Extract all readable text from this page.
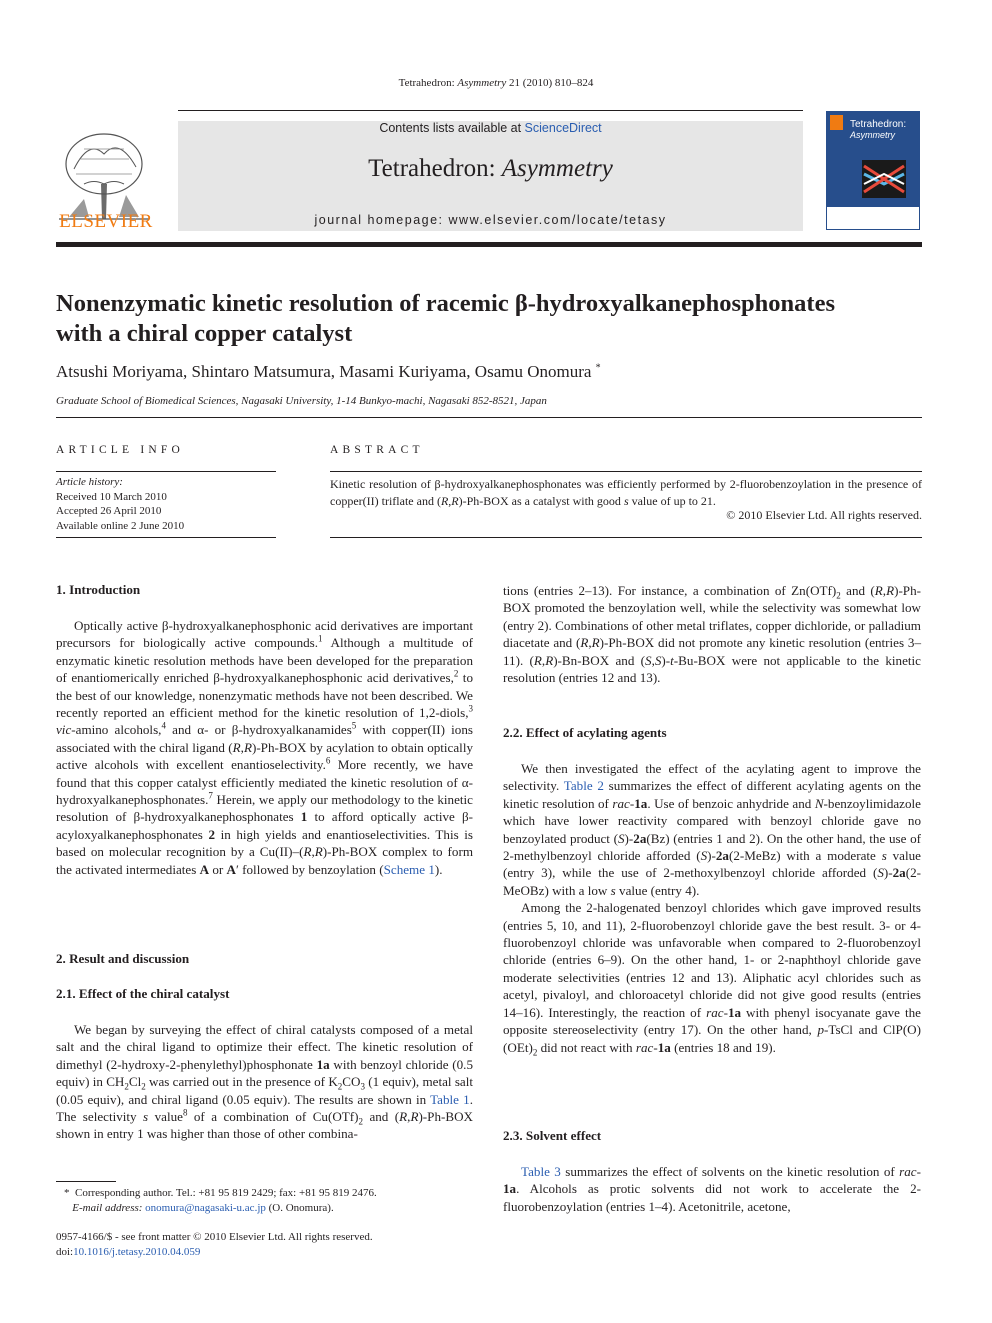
Tetrahedron: Asymmetry 21 (2010) 810–824
Contents lists available at ScienceDirect
Tetrahedron: Asymmetry
journal homepage: www.elsevier.com/locate/tetasy
ELSEVIER
Tetrahedron:
Asymmetry
Nonenzymatic kinetic resolution of racemic β-hydroxyalkanephosphonates
with a chiral copper catalyst
Atsushi Moriyama, Shintaro Matsumura, Masami Kuriyama, Osamu Onomura *
Graduate School of Biomedical Sciences, Nagasaki University, 1-14 Bunkyo-machi, Nagasaki 852-8521, Japan
ARTICLE INFO	ABSTRACT
Article history:
Received 10 March 2010
Accepted 26 April 2010
Available online 2 June 2010
Kinetic resolution of β-hydroxyalkanephosphonates was efficiently performed by 2-fluorobenzoylation in the presence of copper(II) triflate and (R,R)-Ph-BOX as a catalyst with good s value of up to 21.
© 2010 Elsevier Ltd. All rights reserved.
1. Introduction

Optically active β-hydroxyalkanephosphonic acid derivatives are important precursors for biologically active compounds.$^1$ Although a multitude of enzymatic kinetic resolution methods have been developed for the preparation of enantiomerically enriched β-hydroxyalkanephosphonic acid derivatives,$^2$ to the best of our knowledge, nonenzymatic methods have not been described. We recently reported an efficient method for the kinetic resolution of 1,2-diols,$^3$ vic-amino alcohols,$^4$ and α- or β-hydroxyalkanamides$^5$ with copper(II) ions associated with the chiral ligand (R,R)-Ph-BOX by acylation to obtain optically active alcohols with excellent enantioselectivity.$^6$ More recently, we have found that this copper catalyst efficiently mediated the kinetic resolution of α-hydroxyalkanephosphonates.$^7$ Herein, we apply our methodology to the kinetic resolution of β-hydroxyalkanephosphonates 1 to afford optically active β-acyloxyalkanephosphonates 2 in high yields and enantioselectivities. This is based on molecular recognition by a Cu(II)–(R,R)-Ph-BOX complex to form the activated intermediates A or A′ followed by benzoylation (Scheme 1).

2. Result and discussion
2.1. Effect of the chiral catalyst

We began by surveying the effect of chiral catalysts composed of a metal salt and the chiral ligand to optimize their effect. The kinetic resolution of dimethyl (2-hydroxy-2-phenylethyl)phosphonate 1a with benzoyl chloride (0.5 equiv) in $CH_2Cl_2$ was carried out in the presence of $K_2CO_3$ (1 equiv), metal salt (0.05 equiv), and chiral ligand (0.05 equiv). The results are shown in Table 1. The selectivity s value$^8$ of a combination of $Cu(OTf)_2$ and (R,R)-Ph-BOX shown in entry 1 was higher than those of other combina-

tions (entries 2–13). For instance, a combination of $Zn(OTf)_2$ and (R,R)-Ph-BOX promoted the benzoylation well, while the selectivity was somewhat low (entry 2). Combinations of other metal triflates, copper dichloride, or palladium diacetate and (R,R)-Ph-BOX did not promote any kinetic resolution (entries 3–11). (R,R)-Bn-BOX and (S,S)-t-Bu-BOX were not applicable to the kinetic resolution (entries 12 and 13).

2.2. Effect of acylating agents

We then investigated the effect of the acylating agent to improve the selectivity. Table 2 summarizes the effect of different acylating agents on the kinetic resolution of rac-1a. Use of benzoic anhydride and N-benzoylimidazole which have lower reactivity compared with benzoyl chloride gave no benzoylated product (S)-2a(Bz) (entries 1 and 2). On the other hand, the use of 2-methylbenzoyl chloride afforded (S)-2a(2-MeBz) with a moderate s value (entry 3), while the use of 2-methoxylbenzoyl chloride afforded (S)-2a(2-MeOBz) with a low s value (entry 4).

Among the 2-halogenated benzoyl chlorides which gave improved results (entries 5, 10, and 11), 2-fluorobenzoyl chloride gave the best result. 3- or 4-fluorobenzoyl chloride was unfavorable when compared to 2-fluorobenzoyl chloride (entries 6–9). On the other hand, 1- or 2-naphthoyl chloride gave moderate selectivities (entries 12 and 13). Aliphatic acyl chlorides such as acetyl, pivaloyl, and chloroacetyl chloride did not give good results (entries 14–16). Interestingly, the reaction of rac-1a with phenyl isocyanate gave the opposite stereoselectivity (entry 17). On the other hand, p-TsCl and $ClP(O)(OEt)_2$ did not react with rac-1a (entries 18 and 19).

2.3. Solvent effect

Table 3 summarizes the effect of solvents on the kinetic resolution of rac-1a. Alcohols as protic solvents did not work to accelerate the 2-fluorobenzoylation (entries 1–4). Acetonitrile, acetone,

*  Corresponding author. Tel.: +81 95 819 2429; fax: +81 95 819 2476.
E-mail address: onomura@nagasaki-u.ac.jp (O. Onomura).
0957-4166/$ - see front matter © 2010 Elsevier Ltd. All rights reserved.
doi:10.1016/j.tetasy.2010.04.059
